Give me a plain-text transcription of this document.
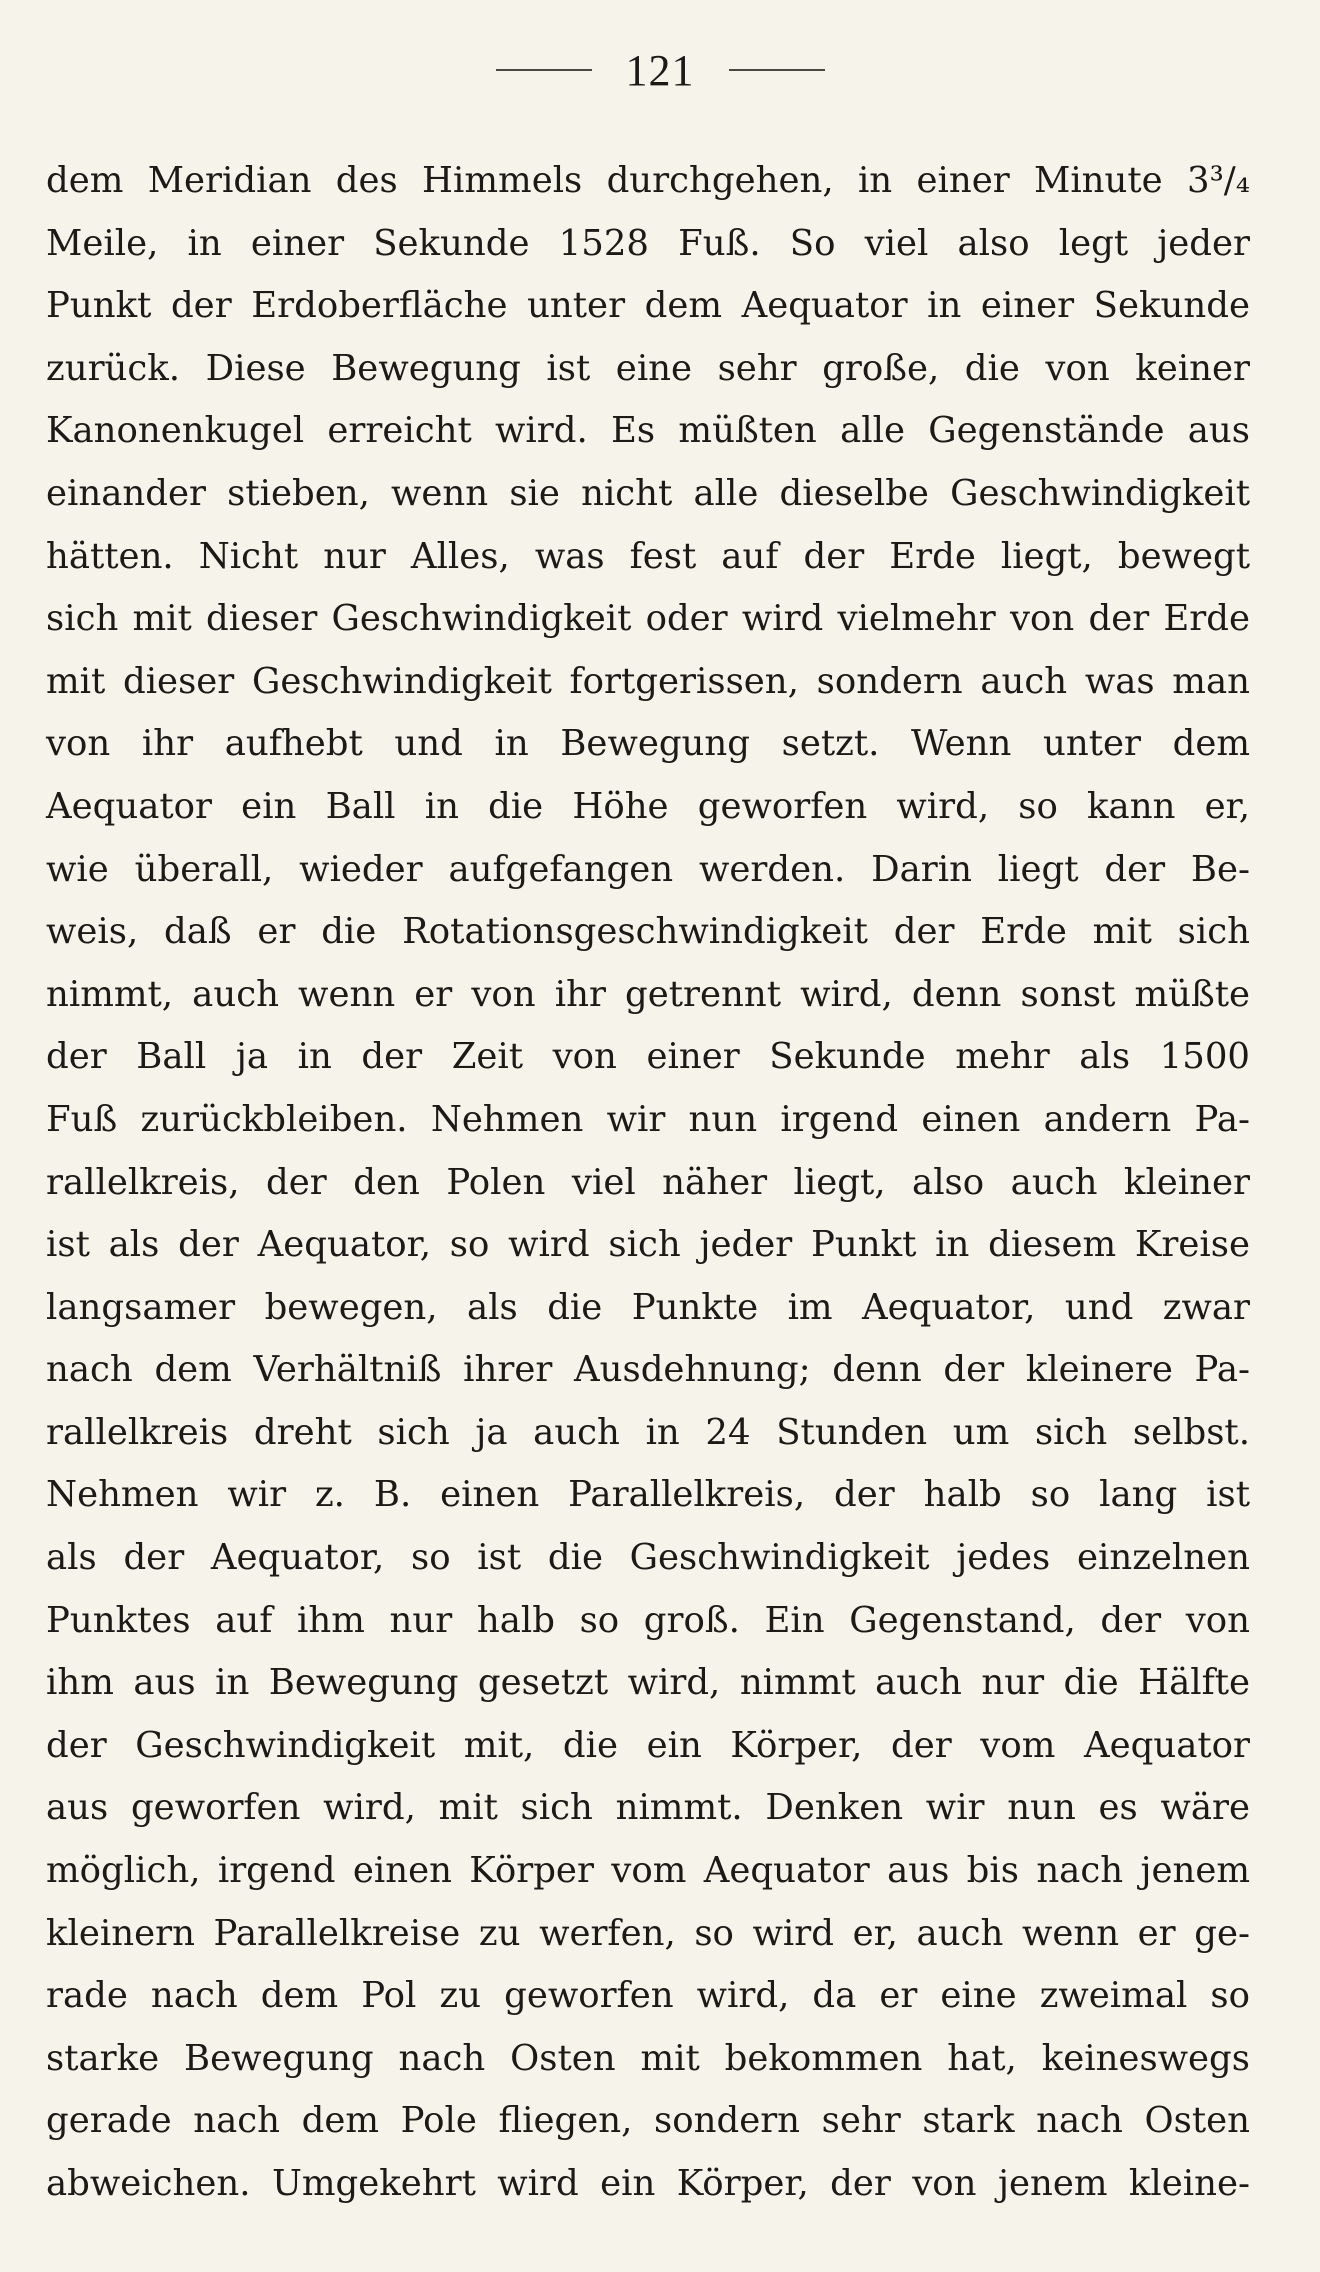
121
dem Meridian des Himmels durchgehen, in einer Minute 3³/₄
Meile, in einer Sekunde 1528 Fuß. So viel also legt jeder
Punkt der Erdoberfläche unter dem Aequator in einer Sekunde
zurück. Diese Bewegung ist eine sehr große, die von keiner
Kanonenkugel erreicht wird. Es müßten alle Gegenstände aus
einander stieben, wenn sie nicht alle dieselbe Geschwindigkeit
hätten. Nicht nur Alles, was fest auf der Erde liegt, bewegt
sich mit dieser Geschwindigkeit oder wird vielmehr von der Erde
mit dieser Geschwindigkeit fortgerissen, sondern auch was man
von ihr aufhebt und in Bewegung setzt. Wenn unter dem
Aequator ein Ball in die Höhe geworfen wird, so kann er,
wie überall, wieder aufgefangen werden. Darin liegt der Be-
weis, daß er die Rotationsgeschwindigkeit der Erde mit sich
nimmt, auch wenn er von ihr getrennt wird, denn sonst müßte
der Ball ja in der Zeit von einer Sekunde mehr als 1500
Fuß zurückbleiben. Nehmen wir nun irgend einen andern Pa-
rallelkreis, der den Polen viel näher liegt, also auch kleiner
ist als der Aequator, so wird sich jeder Punkt in diesem Kreise
langsamer bewegen, als die Punkte im Aequator, und zwar
nach dem Verhältniß ihrer Ausdehnung; denn der kleinere Pa-
rallelkreis dreht sich ja auch in 24 Stunden um sich selbst.
Nehmen wir z. B. einen Parallelkreis, der halb so lang ist
als der Aequator, so ist die Geschwindigkeit jedes einzelnen
Punktes auf ihm nur halb so groß. Ein Gegenstand, der von
ihm aus in Bewegung gesetzt wird, nimmt auch nur die Hälfte
der Geschwindigkeit mit, die ein Körper, der vom Aequator
aus geworfen wird, mit sich nimmt. Denken wir nun es wäre
möglich, irgend einen Körper vom Aequator aus bis nach jenem
kleinern Parallelkreise zu werfen, so wird er, auch wenn er ge-
rade nach dem Pol zu geworfen wird, da er eine zweimal so
starke Bewegung nach Osten mit bekommen hat, keineswegs
gerade nach dem Pole fliegen, sondern sehr stark nach Osten
abweichen. Umgekehrt wird ein Körper, der von jenem kleine-
